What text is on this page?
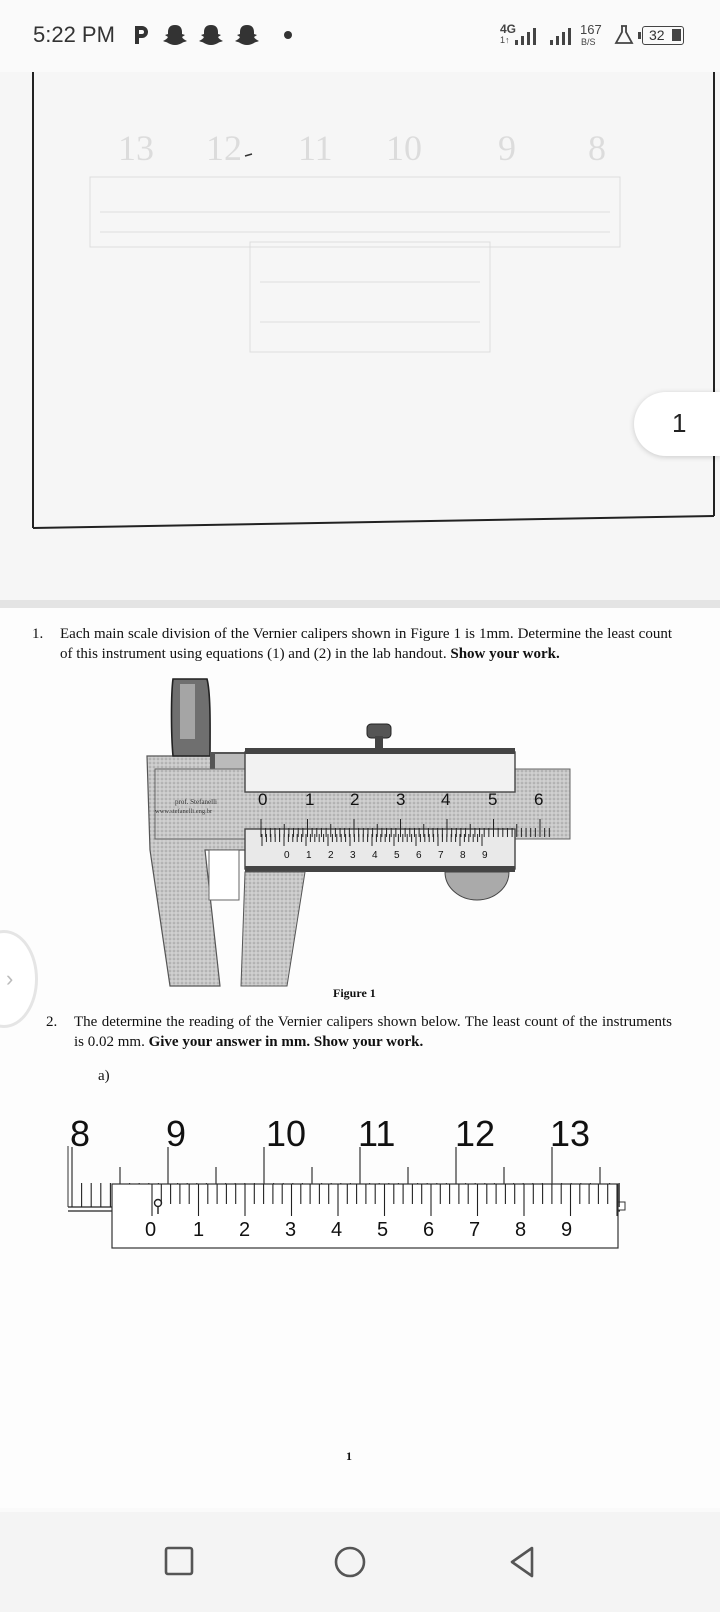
5:22 PM	4G
1↑
167
B/S	32
13 12 11 10 9 8
1
1. Each main scale division of the Vernier calipers shown in Figure 1 is 1mm. Determine the least count of this instrument using equations (1) and (2) in the lab handout. Show your work.
prof. Stefanelli
www.stefanelli.eng.br
0 1 2 3 4 5 6
0 1 2 3 4 5 6 7 8 9
Figure 1
2. The determine the reading of the Vernier calipers shown below. The least count of the instruments is 0.02 mm. Give your answer in mm. Show your work.
a)
8 9 10 11 12 13
0 1 2 3 4 5 6 7 8 9
1
›
